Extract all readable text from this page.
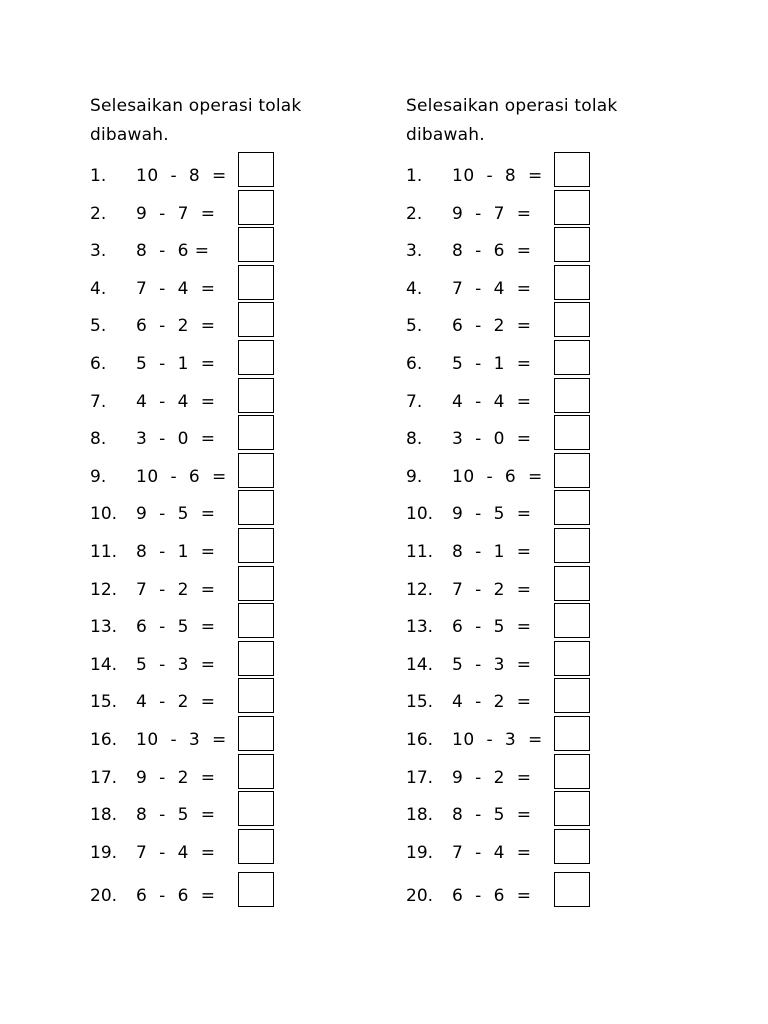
Selesaikan operasi tolak
dibawah.

1. 10  -  8  =
2. 9  -  7  =
3. 8  -  6 =
4. 7  -  4  =
5. 6  -  2  =
6. 5  -  1  =
7. 4  -  4  =
8. 3  -  0  =
9. 10  -  6  =
10. 9  -  5  =
11. 8  -  1  =
12. 7  -  2  =
13. 6  -  5  =
14. 5  -  3  =
15. 4  -  2  =
16. 10  -  3  =
17. 9  -  2  =
18. 8  -  5  =
19. 7  -  4  =
20. 6  -  6  =

Selesaikan operasi tolak
dibawah.

1. 10  -  8  =
2. 9  -  7  =
3. 8  -  6  =
4. 7  -  4  =
5. 6  -  2  =
6. 5  -  1  =
7. 4  -  4  =
8. 3  -  0  =
9. 10  -  6  =
10. 9  -  5  =
11. 8  -  1  =
12. 7  -  2  =
13. 6  -  5  =
14. 5  -  3  =
15. 4  -  2  =
16. 10  -  3  =
17. 9  -  2  =
18. 8  -  5  =
19. 7  -  4  =
20. 6  -  6  =
